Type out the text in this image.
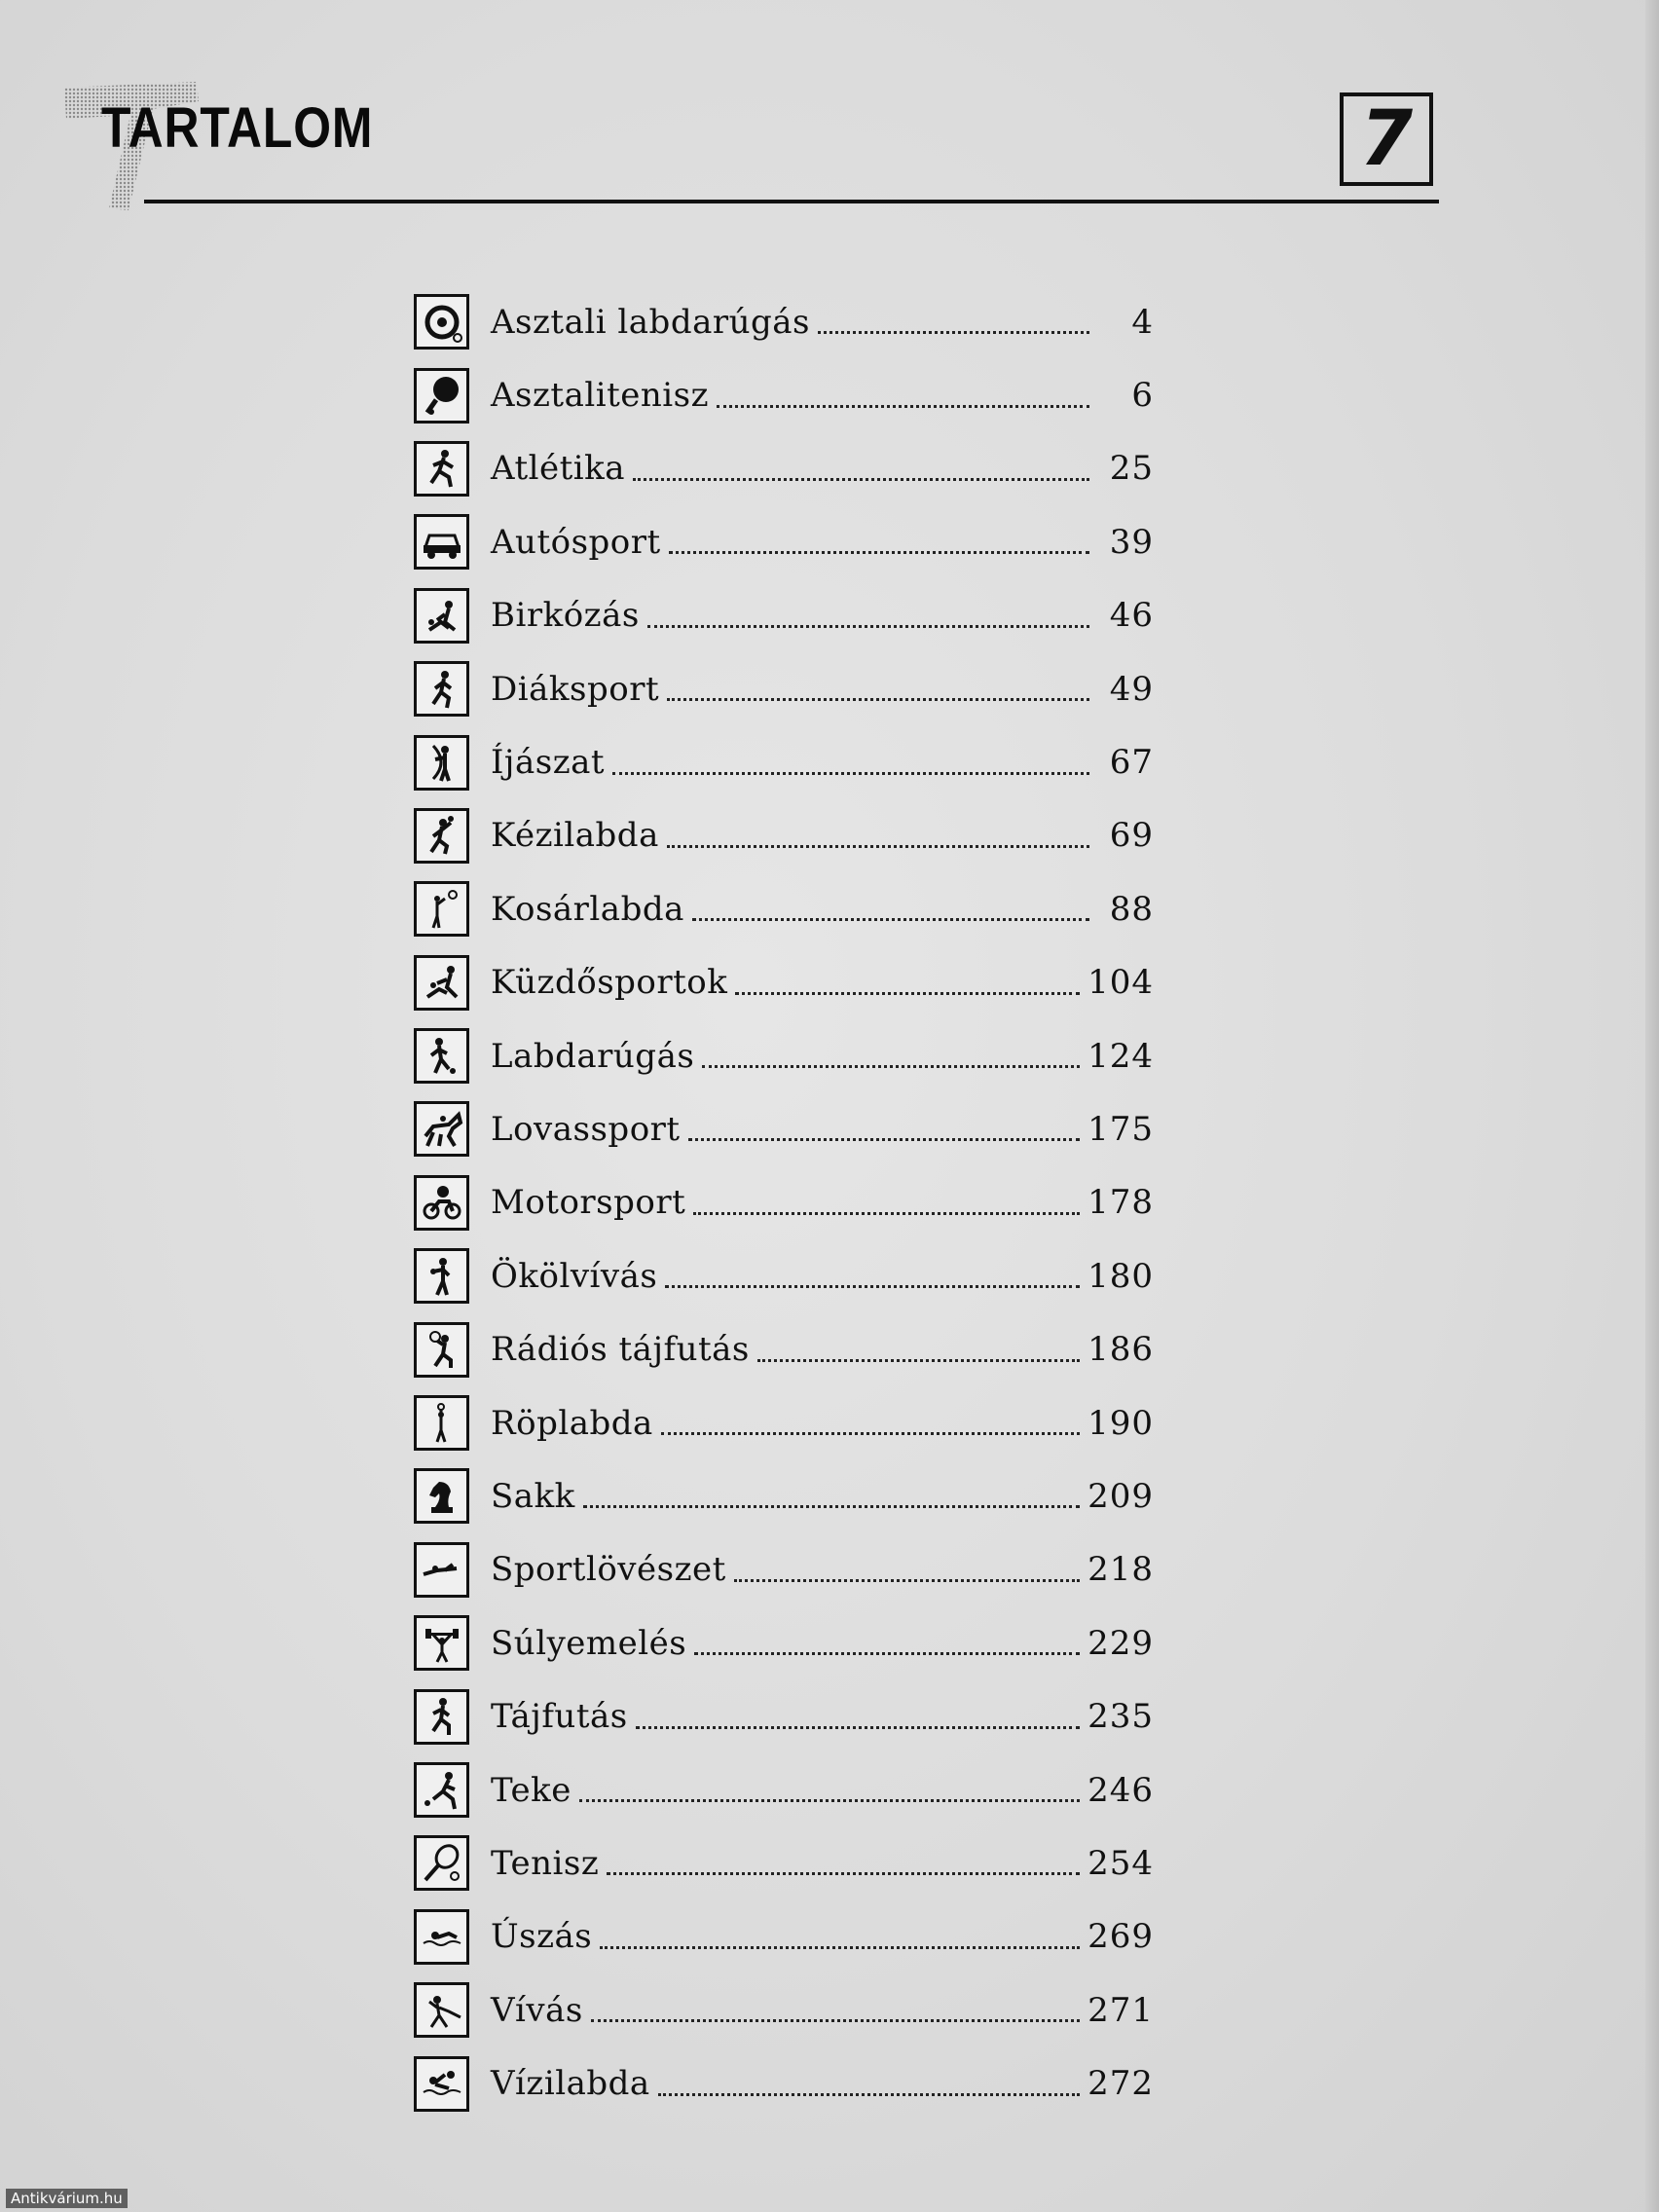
TARTALOM	7
Asztali labdarúgás	4
Asztalitenisz	6
Atlétika	25
Autósport	39
Birkózás	46
Diáksport	49
Íjászat	67
Kézilabda	69
Kosárlabda	88
Küzdősportok	104
Labdarúgás	124
Lovassport	175
Motorsport	178
Ökölvívás	180
Rádiós tájfutás	186
Röplabda	190
Sakk	209
Sportlövészet	218
Súlyemelés	229
Tájfutás	235
Teke	246
Tenisz	254
Úszás	269
Vívás	271
Vízilabda	272
Antikvárium.hu
